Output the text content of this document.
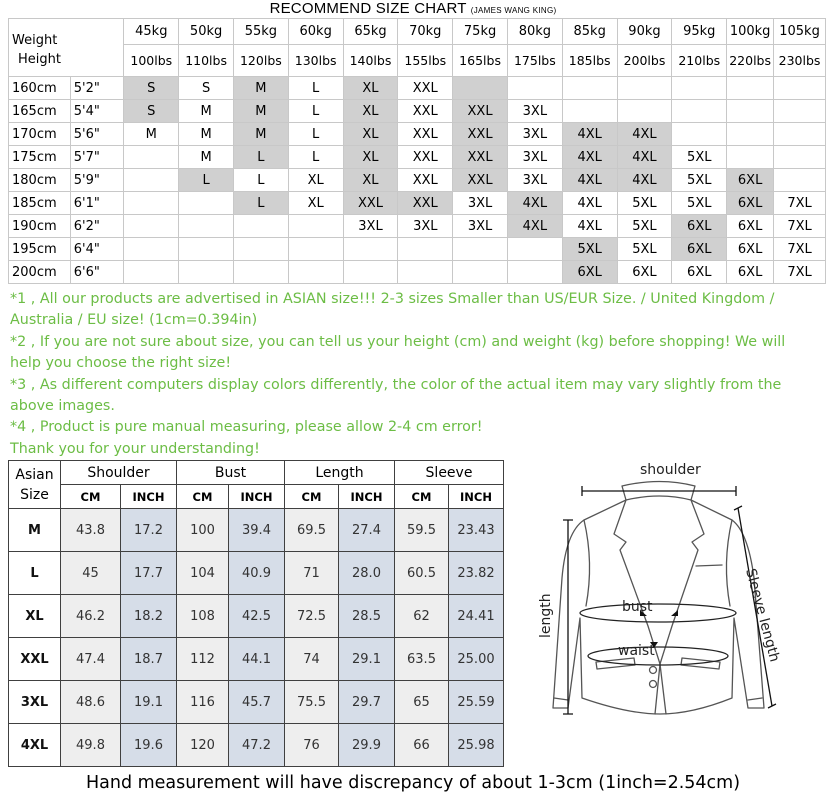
RECOMMEND SIZE CHART (JAMES WANG KING)
Weight
Height		45kg	50kg	55kg	60kg	65kg	70kg	75kg	80kg	85kg	90kg	95kg	100kg	105kg
		100lbs	110lbs	120lbs	130lbs	140lbs	155lbs	165lbs	175lbs	185lbs	200lbs	210lbs	220lbs	230lbs
160cm	5'2"	S	S	M	L	XL	XXL							
165cm	5'4"	S	M	M	L	XL	XXL	XXL	3XL					
170cm	5'6"	M	M	M	L	XL	XXL	XXL	3XL	4XL	4XL			
175cm	5'7"		M	L	L	XL	XXL	XXL	3XL	4XL	4XL	5XL		
180cm	5'9"		L	L	XL	XL	XXL	XXL	3XL	4XL	4XL	5XL	6XL	
185cm	6'1"			L	XL	XXL	XXL	3XL	4XL	4XL	5XL	5XL	6XL	7XL
190cm	6'2"					3XL	3XL	3XL	4XL	4XL	5XL	6XL	6XL	7XL
195cm	6'4"									5XL	5XL	6XL	6XL	7XL
200cm	6'6"									6XL	6XL	6XL	6XL	7XL

*1 , All our products are advertised in ASIAN size!!! 2-3 sizes Smaller than US/EUR Size. / United Kingdom / Australia / EU size! (1cm=0.394in)

*2 , If you are not sure about size, you can tell us your height (cm) and weight (kg) before shopping! We will help you choose the right size!

*3 , As different computers display colors differently, the color of the actual item may vary slightly from the above images.

*4 , Product is pure manual measuring, please allow 2-4 cm error!

Thank you for your understanding!

Asian
Size	Shoulder		Bust		Length		Sleeve	
	CM	INCH	CM	INCH	CM	INCH	CM	INCH
M	43.8	17.2	100	39.4	69.5	27.4	59.5	23.43
L	45	17.7	104	40.9	71	28.0	60.5	23.82
XL	46.2	18.2	108	42.5	72.5	28.5	62	24.41
XXL	47.4	18.7	112	44.1	74	29.1	63.5	25.00
3XL	48.6	19.1	116	45.7	75.5	29.7	65	25.59
4XL	49.8	19.6	120	47.2	76	29.9	66	25.98
shoulder
length	bust
waist	Sleeve length
Hand measurement will have discrepancy of about 1-3cm (1inch=2.54cm)
